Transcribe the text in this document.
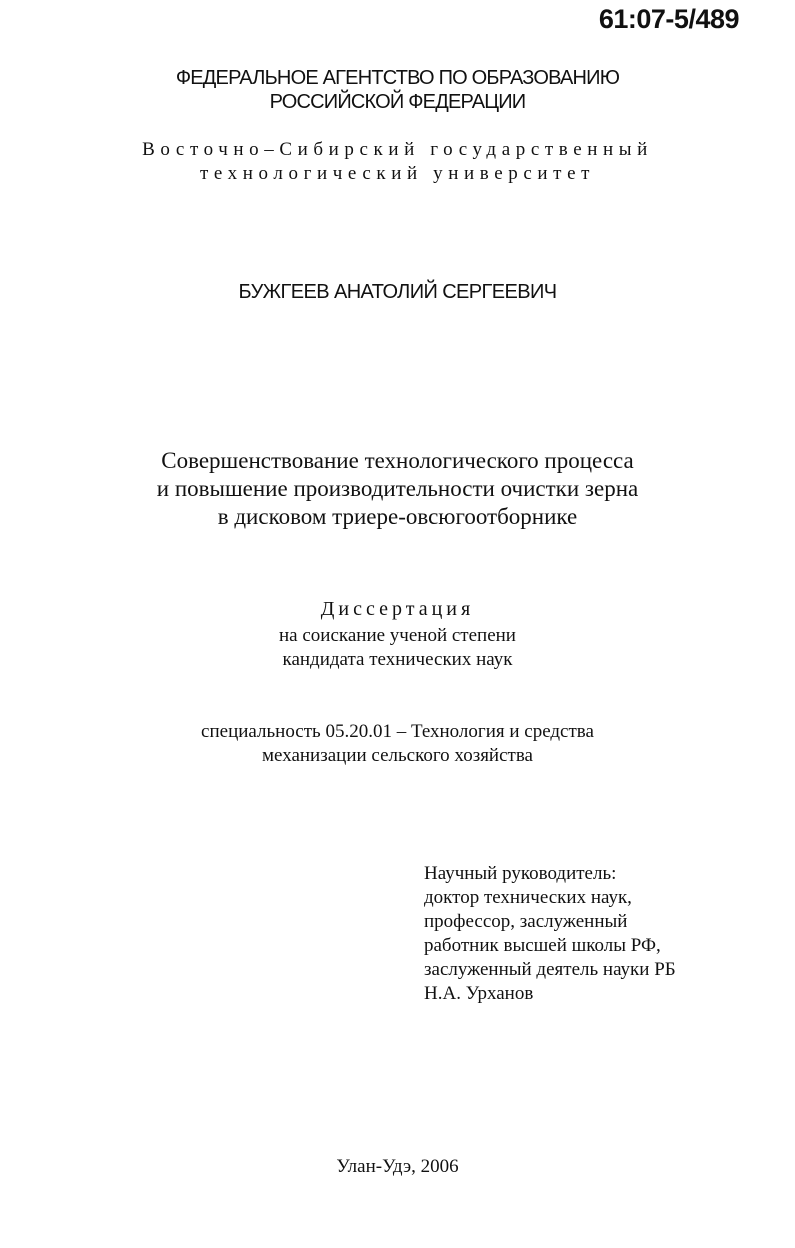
61:07-5/489
ФЕДЕРАЛЬНОЕ АГЕНТСТВО ПО ОБРАЗОВАНИЮ
РОССИЙСКОЙ ФЕДЕРАЦИИ
Восточно–Сибирский государственный
технологический университет
БУЖГЕЕВ АНАТОЛИЙ СЕРГЕЕВИЧ
Совершенствование технологического процесса
и повышение производительности очистки зерна
в дисковом триере-овсюгоотборнике
Диссертация
на соискание ученой степени
кандидата технических наук
специальность 05.20.01 – Технология и средства
механизации сельского хозяйства
Научный руководитель:
доктор технических наук,
профессор, заслуженный
работник высшей школы РФ,
заслуженный деятель науки РБ
Н.А. Урханов
Улан-Удэ, 2006
